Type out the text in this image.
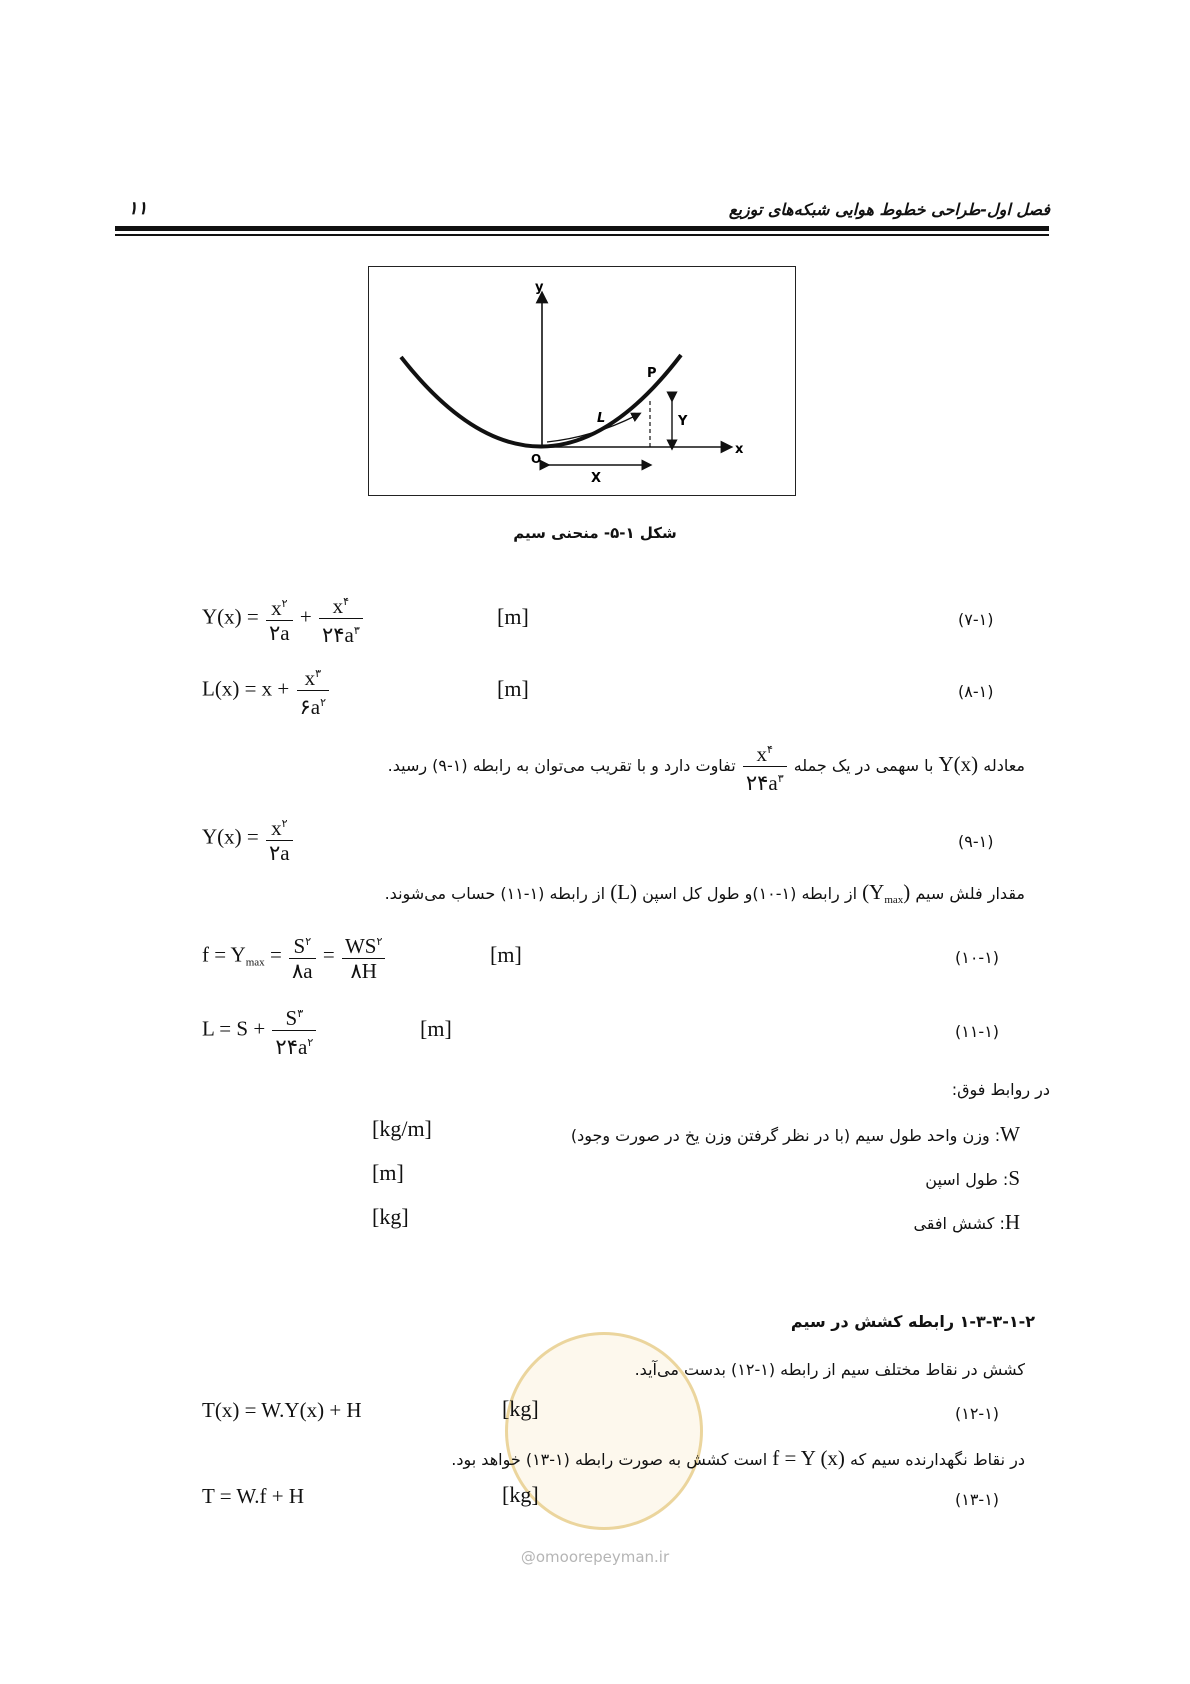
فصل اول-طراحی خطوط هوایی شبکه‌های توزیع
۱۱
y
x
O
P
L	Y
X
شکل ۱-۵- منحنی سیم
$Y(x) = \frac{x^۲}{۲a} + \frac{x^۴}{۲۴a^۳}$	[m]	(۷-۱)
$L(x) = x + \frac{x^۳}{۶a^۲}$	[m]	(۸-۱)
معادله Y(x) با سهمی در یک جمله
$\frac{x^۴}{۲۴a^۳}$
تفاوت دارد و با تقریب می‌توان به رابطه (۱-۹) رسید.
$Y(x) = \frac{x^۲}{۲a}$	(۹-۱)
مقدار فلش سیم $(Y_{max})$ از رابطه (۱-۱۰)و طول کل اسپن (L) از رابطه (۱-۱۱) حساب می‌شوند.
$f = Y_{max} = \frac{S^۲}{۸a} = \frac{WS^۲}{۸H}$	[m]	(۱۰-۱)
$L = S + \frac{S^۳}{۲۴a^۲}$	[m]	(۱۱-۱)
در روابط فوق:
W: وزن واحد طول سیم (با در نظر گرفتن وزن یخ در صورت وجود)
[kg/m]
S: طول اسپن
[m]
H: کشش افقی
[kg]
۱-۳-۳-۱-۲ رابطه کشش در سیم
@omoorepeyman.ir
کشش در نقاط مختلف سیم از رابطه (۱-۱۲) بدست می‌آید.
T(x) = W.Y(x) + H	[kg]	(۱۲-۱)
در نقاط نگهدارنده سیم که f = Y (x) است کشش به صورت رابطه (۱-۱۳) خواهد بود.
T = W.f + H	[kg]	(۱۳-۱)
